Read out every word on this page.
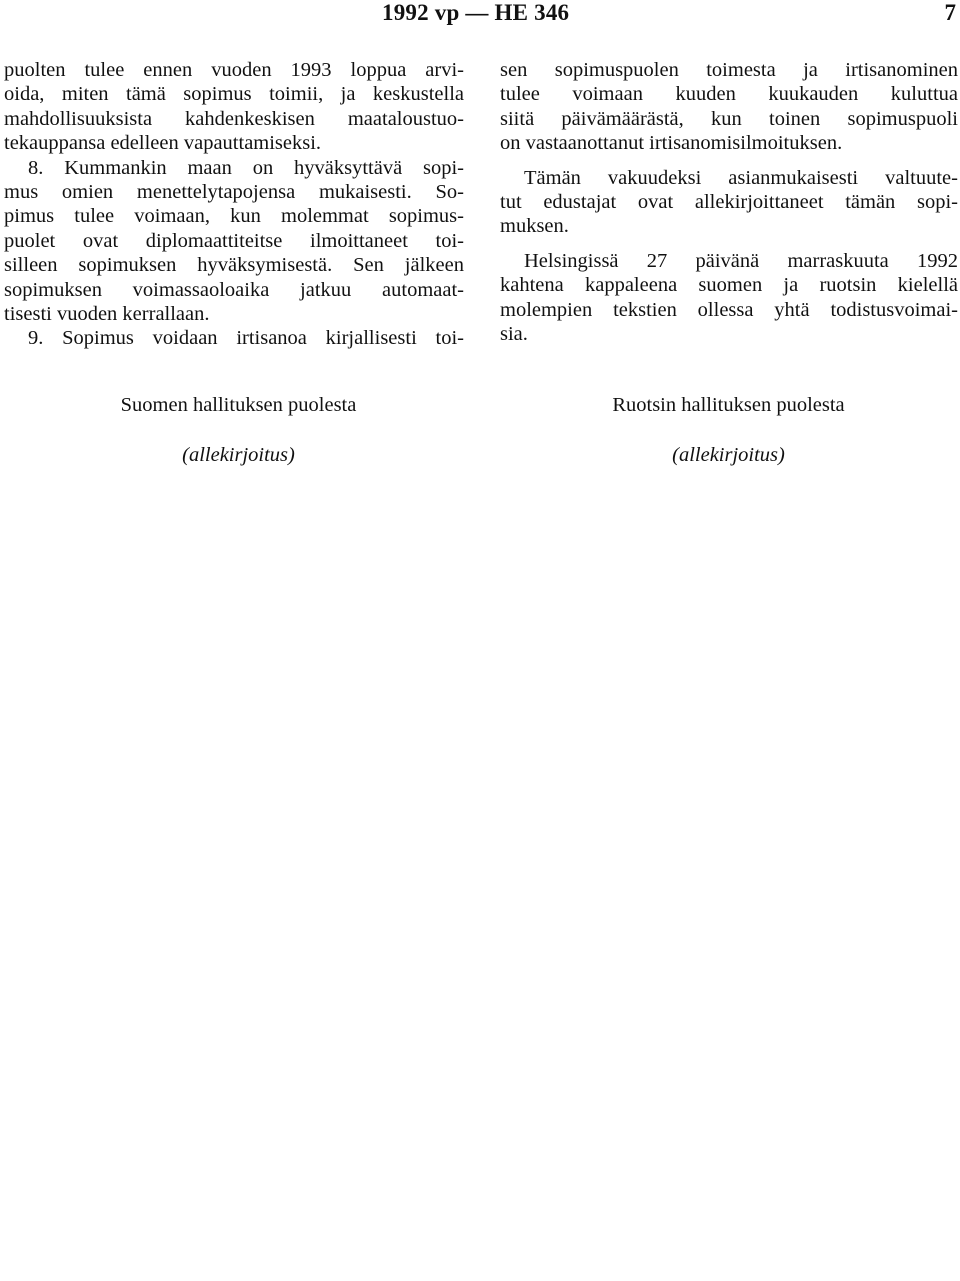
1992 vp — HE 346	7
puolten tulee ennen vuoden 1993 loppua arvi-
oida, miten tämä sopimus toimii, ja keskustella
mahdollisuuksista kahdenkeskisen maataloustuo-
tekauppansa edelleen vapauttamiseksi.
8. Kummankin maan on hyväksyttävä sopi-
mus omien menettelytapojensa mukaisesti. So-
pimus tulee voimaan, kun molemmat sopimus-
puolet ovat diplomaattiteitse ilmoittaneet toi-
silleen sopimuksen hyväksymisestä. Sen jälkeen
sopimuksen voimassaoloaika jatkuu automaat-
tisesti vuoden kerrallaan.
9. Sopimus voidaan irtisanoa kirjallisesti toi-
sen sopimuspuolen toimesta ja irtisanominen
tulee voimaan kuuden kuukauden kuluttua
siitä päivämäärästä, kun toinen sopimuspuoli
on vastaanottanut irtisanomisilmoituksen.
Tämän vakuudeksi asianmukaisesti valtuute-
tut edustajat ovat allekirjoittaneet tämän sopi-
muksen.
Helsingissä 27 päivänä marraskuuta 1992
kahtena kappaleena suomen ja ruotsin kielellä
molempien tekstien ollessa yhtä todistusvoimai-
sia.
Suomen hallituksen puolesta
(allekirjoitus)
Ruotsin hallituksen puolesta
(allekirjoitus)
